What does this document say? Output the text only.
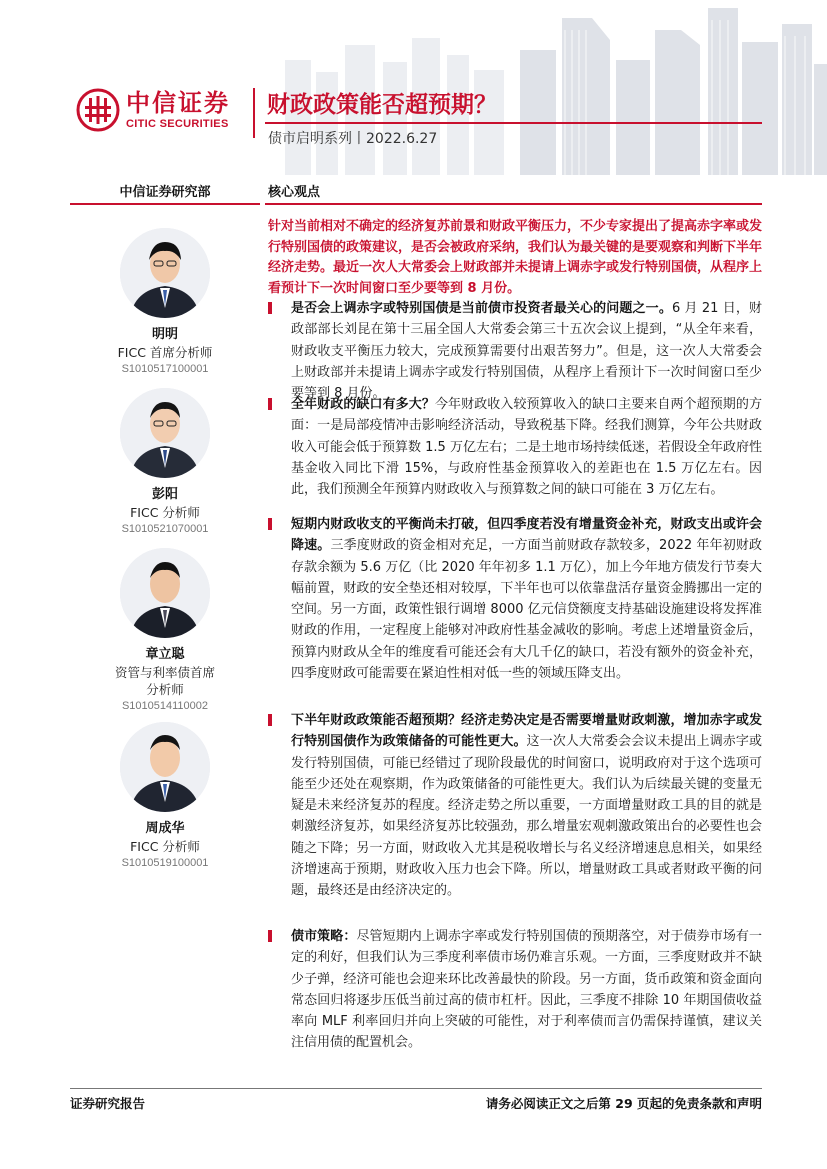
中信证券
CITIC SECURITIES
财政政策能否超预期？
债市启明系列丨2022.6.27
中信证券研究部	核心观点
明明
FICC 首席分析师
S1010517100001
彭阳
FICC 分析师
S1010521070001
章立聪
资管与利率债首席分析师
S1010514110002
周成华
FICC 分析师
S1010519100001
针对当前相对不确定的经济复苏前景和财政平衡压力，不少专家提出了提高赤字率或发行特别国债的政策建议，是否会被政府采纳，我们认为最关键的是要观察和判断下半年经济走势。最近一次人大常委会上财政部并未提请上调赤字或发行特别国债，从程序上看预计下一次时间窗口至少要等到 8 月份。
是否会上调赤字或特别国债是当前债市投资者最关心的问题之一。6 月 21 日，财政部部长刘昆在第十三届全国人大常委会第三十五次会议上提到，“从全年来看，财政收支平衡压力较大，完成预算需要付出艰苦努力”。但是，这一次人大常委会上财政部并未提请上调赤字或发行特别国债，从程序上看预计下一次时间窗口至少要等到 8 月份。
全年财政的缺口有多大？今年财政收入较预算收入的缺口主要来自两个超预期的方面：一是局部疫情冲击影响经济活动，导致税基下降。经我们测算，今年公共财政收入可能会低于预算数 1.5 万亿左右；二是土地市场持续低迷，若假设全年政府性基金收入同比下滑 15%，与政府性基金预算收入的差距也在 1.5 万亿左右。因此，我们预测全年预算内财政收入与预算数之间的缺口可能在 3 万亿左右。
短期内财政收支的平衡尚未打破，但四季度若没有增量资金补充，财政支出或许会降速。三季度财政的资金相对充足，一方面当前财政存款较多，2022 年年初财政存款余额为 5.6 万亿（比 2020 年年初多 1.1 万亿），加上今年地方债发行节奏大幅前置，财政的安全垫还相对较厚，下半年也可以依靠盘活存量资金腾挪出一定的空间。另一方面，政策性银行调增 8000 亿元信贷额度支持基础设施建设将发挥准财政的作用，一定程度上能够对冲政府性基金减收的影响。考虑上述增量资金后，预算内财政从全年的维度看可能还会有大几千亿的缺口，若没有额外的资金补充，四季度财政可能需要在紧迫性相对低一些的领域压降支出。
下半年财政政策能否超预期？经济走势决定是否需要增量财政刺激，增加赤字或发行特别国债作为政策储备的可能性更大。这一次人大常委会会议未提出上调赤字或发行特别国债，可能已经错过了现阶段最优的时间窗口，说明政府对于这个选项可能至少还处在观察期，作为政策储备的可能性更大。我们认为后续最关键的变量无疑是未来经济复苏的程度。经济走势之所以重要，一方面增量财政工具的目的就是刺激经济复苏，如果经济复苏比较强劲，那么增量宏观刺激政策出台的必要性也会随之下降；另一方面，财政收入尤其是税收增长与名义经济增速息息相关，如果经济增速高于预期，财政收入压力也会下降。所以，增量财政工具或者财政平衡的问题，最终还是由经济决定的。
债市策略：尽管短期内上调赤字率或发行特别国债的预期落空，对于债券市场有一定的利好，但我们认为三季度利率债市场仍难言乐观。一方面，三季度财政并不缺少子弹，经济可能也会迎来环比改善最快的阶段。另一方面，货币政策和资金面向常态回归将逐步压低当前过高的债市杠杆。因此，三季度不排除 10 年期国债收益率向 MLF 利率回归并向上突破的可能性，对于利率债而言仍需保持谨慎，建议关注信用债的配置机会。
证券研究报告	请务必阅读正文之后第 29 页起的免责条款和声明
